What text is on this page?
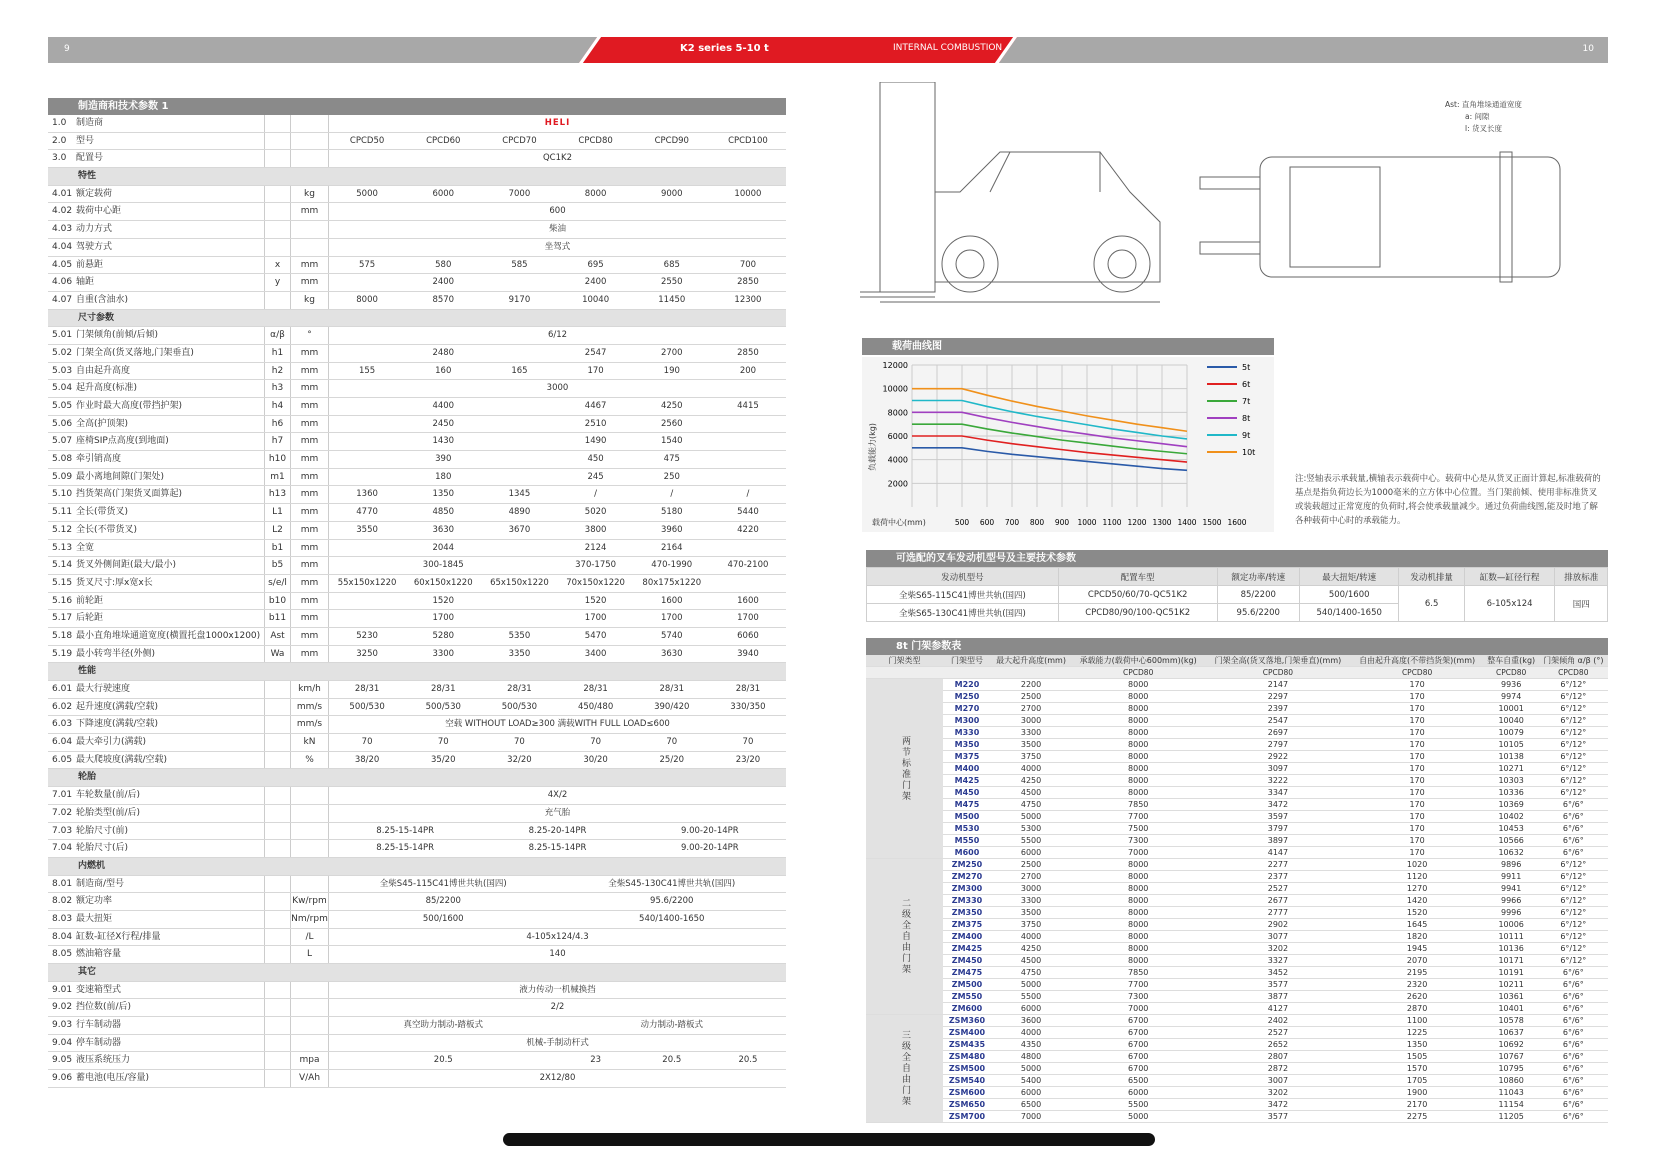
9	K2 series 5-10 t	INTERNAL COMBUSTION	10
制造商和技术参数 1
1.0	制造商	HELI
2.0	型号	CPCD50	CPCD60	CPCD70	CPCD80	CPCD90	CPCD100
3.0	配置号	QC1K2
特性
4.01 额定载荷	kg	5000	6000	7000	8000	9000	10000
4.02 载荷中心距	mm	600
4.03 动力方式	柴油
4.04 驾驶方式	坐驾式
4.05 前悬距	x	mm	575	580	585	695	685	700
4.06 轴距	y	mm	2400	2400	2550	2850
4.07 自重(含油水)	kg	8000	8570	9170	10040	11450	12300
尺寸参数
5.01 门架倾角(前倾/后倾)	α/β	°	6/12
5.02 门架全高(货叉落地,门架垂直)	h1	mm	2480	2547	2700	2850
5.03 自由起升高度	h2	mm	155	160	165	170	190	200
5.04 起升高度(标准)	h3	mm	3000
5.05 作业时最大高度(带挡护架)	h4	mm	4400	4467	4250	4415
5.06 全高(护顶架)	h6	mm	2450	2510	2560
5.07 座椅SIP点高度(到地面)	h7	mm	1430	1490	1540
5.08 牵引销高度	h10	mm	390	450	475
5.09 最小离地间隙(门架处)	m1	mm	180	245	250
5.10 挡货架高(门架货叉面算起)	h13	mm	1360	1350	1345	/	/	/
5.11 全长(带货叉)	L1	mm	4770	4850	4890	5020	5180	5440
5.12 全长(不带货叉)	L2	mm	3550	3630	3670	3800	3960	4220
5.13 全宽	b1	mm	2044	2124	2164
5.14 货叉外侧间距(最大/最小)	b5	mm	300-1845	370-1750	470-1990	470-2100
5.15 货叉尺寸:厚x宽x长	s/e/l	mm	55x150x1220	60x150x1220	65x150x1220	70x150x1220	80x175x1220
5.16 前轮距	b10	mm	1520	1520	1600	1600
5.17 后轮距	b11	mm	1700	1700	1700	1700
5.18 最小直角堆垛通道宽度(横置托盘1000x1200)	Ast	mm	5230	5280	5350	5470	5740	6060
5.19 最小转弯半径(外侧)	Wa	mm	3250	3300	3350	3400	3630	3940
性能
6.01 最大行驶速度	km/h	28/31	28/31	28/31	28/31	28/31	28/31
6.02 起升速度(满载/空载)	mm/s	500/530	500/530	500/530	450/480	390/420	330/350
6.03 下降速度(满载/空载)	mm/s	空载 WITHOUT LOAD≥300 满载WITH FULL LOAD≤600
6.04 最大牵引力(满载)	kN	70	70	70	70	70	70
6.05 最大爬坡度(满载/空载)	%	38/20	35/20	32/20	30/20	25/20	23/20
轮胎
7.01 车轮数量(前/后)	4X/2
7.02 轮胎类型(前/后)	充气胎
7.03 轮胎尺寸(前)	8.25-15-14PR	8.25-20-14PR	9.00-20-14PR
7.04 轮胎尺寸(后)	8.25-15-14PR	8.25-15-14PR	9.00-20-14PR
内燃机
8.01 制造商/型号	全柴S45-115C41博世共轨(国四)	全柴S45-130C41博世共轨(国四)
8.02 额定功率	Kw/rpm	85/2200	95.6/2200
8.03 最大扭矩	Nm/rpm	500/1600	540/1400-1650
8.04 缸数-缸径X行程/排量	/L	4-105x124/4.3
8.05 燃油箱容量	L	140
其它
9.01 变速箱型式	液力传动一机械换挡
9.02 挡位数(前/后)	2/2
9.03 行车制动器	真空助力制动-踏板式	动力制动-踏板式
9.04 停车制动器	机械-手制动杆式
9.05 液压系统压力	mpa	20.5	23	20.5	20.5
9.06 蓄电池(电压/容量)	V/Ah	2X12/80
Ast: 直角堆垛通道宽度
a: 间隙
l: 货叉长度
载荷曲线图
2000
4000
6000
8000
10000
12000
500 600 700 800 900 1000 1100 1200 1300 1400 1500 1600
5t
6t
7t
8t
9t
10t
载荷中心(mm)
负载能力(kg)
注:竖轴表示承载量,横轴表示载荷中心。载荷中心是从货叉正面计算起,标准载荷的基点是指负荷边长为1000毫米的立方体中心位置。当门架前倾、使用非标准货叉或装载超过正常宽度的负荷时,将会使承载量减少。通过负荷曲线图,能及时地了解各种载荷中心时的承载能力。
可选配的叉车发动机型号及主要技术参数
发动机型号	配置车型	额定功率/转速	最大扭矩/转速	发动机排量	缸数—缸径行程	排放标准
全柴S65-115C41博世共轨(国四)	CPCD50/60/70-QC51K2	85/2200	500/1600	6.5	6-105x124	国四
全柴S65-130C41博世共轨(国四)	CPCD80/90/100-QC51K2	95.6/2200	540/1400-1650			
8t 门架参数表
门架类型	门架型号	最大起升高度(mm)	承载能力(载荷中心600mm)(kg)	门架全高(货叉落地,门架垂直)(mm)	自由起升高度(不带挡货架)(mm)	整车自重(kg)	门架倾角 α/β (°)
			CPCD80	CPCD80	CPCD80	CPCD80	CPCD80
两节标准门架	M220	2200	8000	2147	170	9936	6°/12°
	M250	2500	8000	2297	170	9974	6°/12°
	M270	2700	8000	2397	170	10001	6°/12°
	M300	3000	8000	2547	170	10040	6°/12°
	M330	3300	8000	2697	170	10079	6°/12°
	M350	3500	8000	2797	170	10105	6°/12°
	M375	3750	8000	2922	170	10138	6°/12°
	M400	4000	8000	3097	170	10271	6°/12°
	M425	4250	8000	3222	170	10303	6°/12°
	M450	4500	8000	3347	170	10336	6°/12°
	M475	4750	7850	3472	170	10369	6°/6°
	M500	5000	7700	3597	170	10402	6°/6°
	M530	5300	7500	3797	170	10453	6°/6°
	M550	5500	7300	3897	170	10566	6°/6°
	M600	6000	7000	4147	170	10632	6°/6°
二级全自由门架	ZM250	2500	8000	2277	1020	9896	6°/12°
	ZM270	2700	8000	2377	1120	9911	6°/12°
	ZM300	3000	8000	2527	1270	9941	6°/12°
	ZM330	3300	8000	2677	1420	9966	6°/12°
	ZM350	3500	8000	2777	1520	9996	6°/12°
	ZM375	3750	8000	2902	1645	10006	6°/12°
	ZM400	4000	8000	3077	1820	10111	6°/12°
	ZM425	4250	8000	3202	1945	10136	6°/12°
	ZM450	4500	8000	3327	2070	10171	6°/12°
	ZM475	4750	7850	3452	2195	10191	6°/6°
	ZM500	5000	7700	3577	2320	10211	6°/6°
	ZM550	5500	7300	3877	2620	10361	6°/6°
	ZM600	6000	7000	4127	2870	10401	6°/6°
三级全自由门架	ZSM360	3600	6700	2402	1100	10578	6°/6°
	ZSM400	4000	6700	2527	1225	10637	6°/6°
	ZSM435	4350	6700	2652	1350	10692	6°/6°
	ZSM480	4800	6700	2807	1505	10767	6°/6°
	ZSM500	5000	6700	2872	1570	10795	6°/6°
	ZSM540	5400	6500	3007	1705	10860	6°/6°
	ZSM600	6000	6000	3202	1900	11043	6°/6°
	ZSM650	6500	5500	3472	2170	11154	6°/6°
	ZSM700	7000	5000	3577	2275	11205	6°/6°
